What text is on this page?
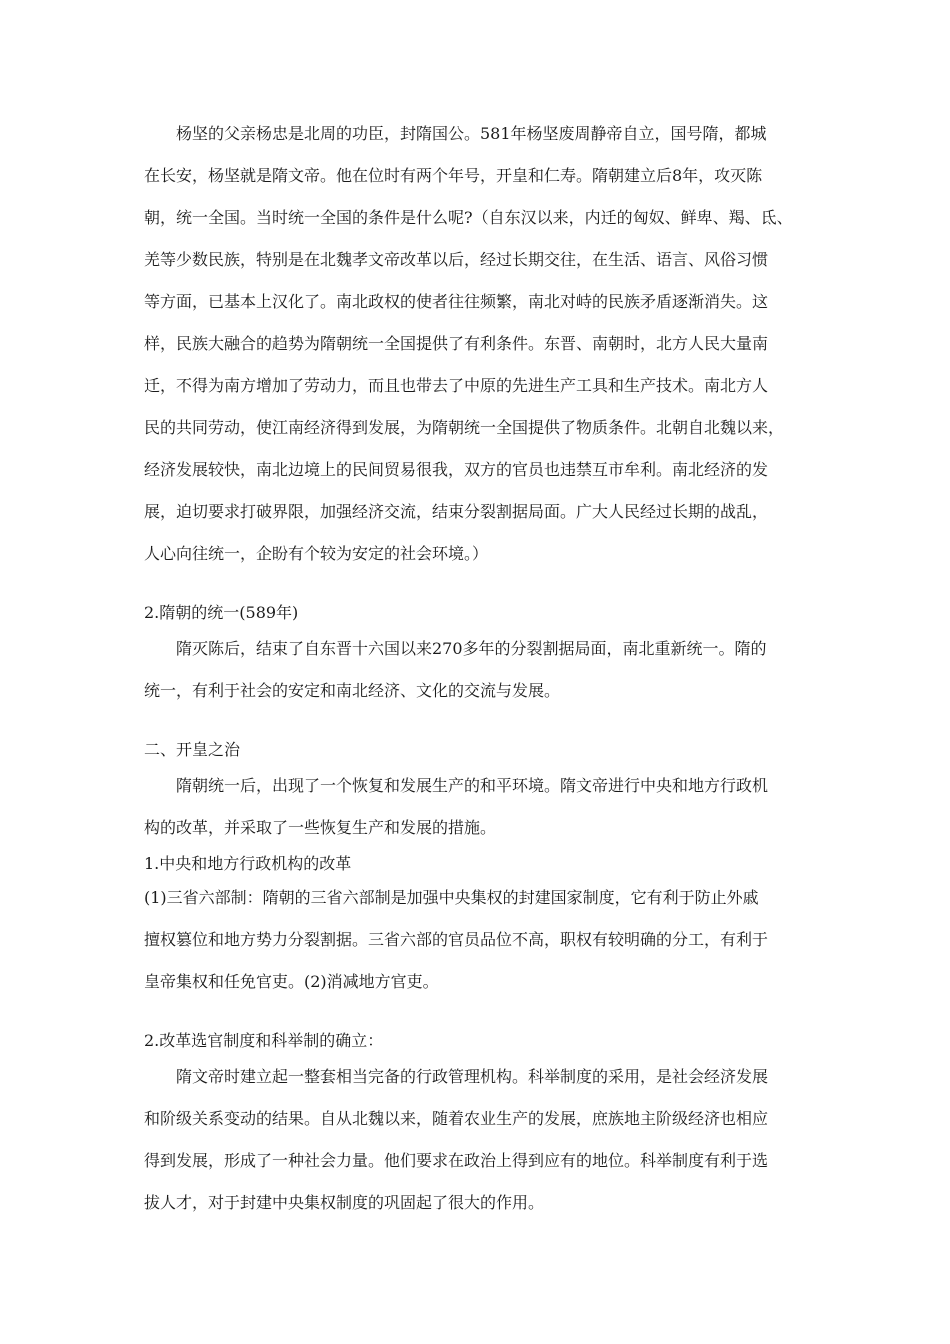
杨坚的父亲杨忠是北周的功臣，封隋国公。581年杨坚废周静帝自立，国号隋，都城
在长安，杨坚就是隋文帝。他在位时有两个年号，开皇和仁寿。隋朝建立后8年，攻灭陈
朝，统一全国。当时统一全国的条件是什么呢?（自东汉以来，内迁的匈奴、鲜卑、羯、氐、
羌等少数民族，特别是在北魏孝文帝改革以后，经过长期交往，在生活、语言、风俗习惯
等方面，已基本上汉化了。南北政权的使者往往频繁，南北对峙的民族矛盾逐渐消失。这
样，民族大融合的趋势为隋朝统一全国提供了有利条件。东晋、南朝时，北方人民大量南
迁，不得为南方增加了劳动力，而且也带去了中原的先进生产工具和生产技术。南北方人
民的共同劳动，使江南经济得到发展，为隋朝统一全国提供了物质条件。北朝自北魏以来，
经济发展较快，南北边境上的民间贸易很我，双方的官员也违禁互市牟利。南北经济的发
展，迫切要求打破界限，加强经济交流，结束分裂割据局面。广大人民经过长期的战乱，
人心向往统一，企盼有个较为安定的社会环境。）
2.隋朝的统一(589年)
隋灭陈后，结束了自东晋十六国以来270多年的分裂割据局面，南北重新统一。隋的
统一，有利于社会的安定和南北经济、文化的交流与发展。
二、开皇之治
隋朝统一后，出现了一个恢复和发展生产的和平环境。隋文帝进行中央和地方行政机
构的改革，并采取了一些恢复生产和发展的措施。
1.中央和地方行政机构的改革
(1)三省六部制：隋朝的三省六部制是加强中央集权的封建国家制度，它有利于防止外戚
擅权篡位和地方势力分裂割据。三省六部的官员品位不高，职权有较明确的分工，有利于
皇帝集权和任免官吏。(2)消减地方官吏。
2.改革选官制度和科举制的确立：
隋文帝时建立起一整套相当完备的行政管理机构。科举制度的采用，是社会经济发展
和阶级关系变动的结果。自从北魏以来，随着农业生产的发展，庶族地主阶级经济也相应
得到发展，形成了一种社会力量。他们要求在政治上得到应有的地位。科举制度有利于选
拔人才，对于封建中央集权制度的巩固起了很大的作用。
